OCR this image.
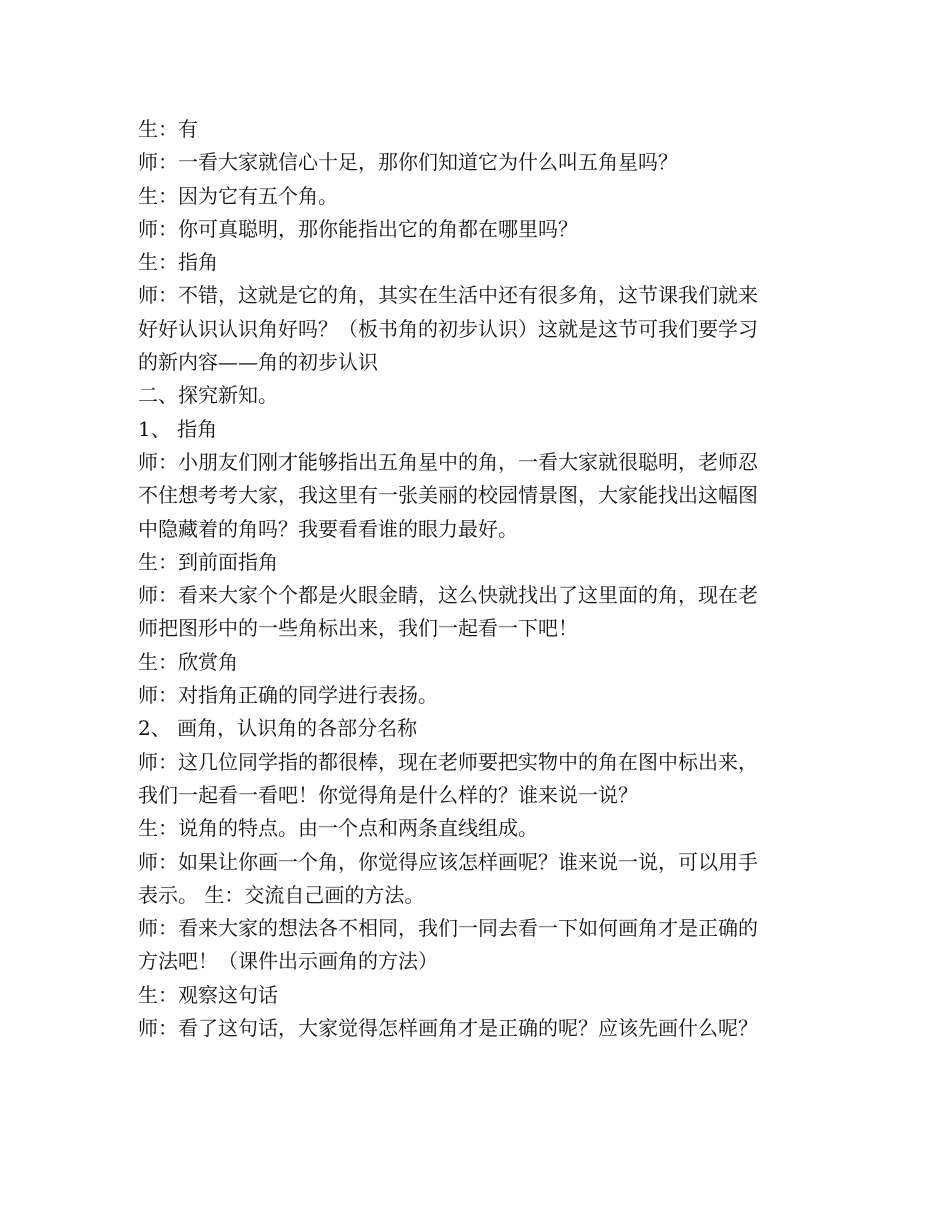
生：有
师：一看大家就信心十足，那你们知道它为什么叫五角星吗？
生：因为它有五个角。
师：你可真聪明，那你能指出它的角都在哪里吗？
生：指角
师：不错，这就是它的角，其实在生活中还有很多角，这节课我们就来
好好认识认识角好吗？（板书角的初步认识）这就是这节可我们要学习
的新内容——角的初步认识
二、探究新知。
1、 指角
师：小朋友们刚才能够指出五角星中的角，一看大家就很聪明，老师忍
不住想考考大家，我这里有一张美丽的校园情景图，大家能找出这幅图
中隐藏着的角吗？我要看看谁的眼力最好。
生：到前面指角
师：看来大家个个都是火眼金睛，这么快就找出了这里面的角，现在老
师把图形中的一些角标出来，我们一起看一下吧！
生：欣赏角
师：对指角正确的同学进行表扬。
2、 画角，认识角的各部分名称
师：这几位同学指的都很棒，现在老师要把实物中的角在图中标出来，
我们一起看一看吧！你觉得角是什么样的？谁来说一说？
生：说角的特点。由一个点和两条直线组成。
师：如果让你画一个角，你觉得应该怎样画呢？谁来说一说，可以用手
表示。 生：交流自己画的方法。
师：看来大家的想法各不相同，我们一同去看一下如何画角才是正确的
方法吧！（课件出示画角的方法）
生：观察这句话
师：看了这句话，大家觉得怎样画角才是正确的呢？应该先画什么呢？
